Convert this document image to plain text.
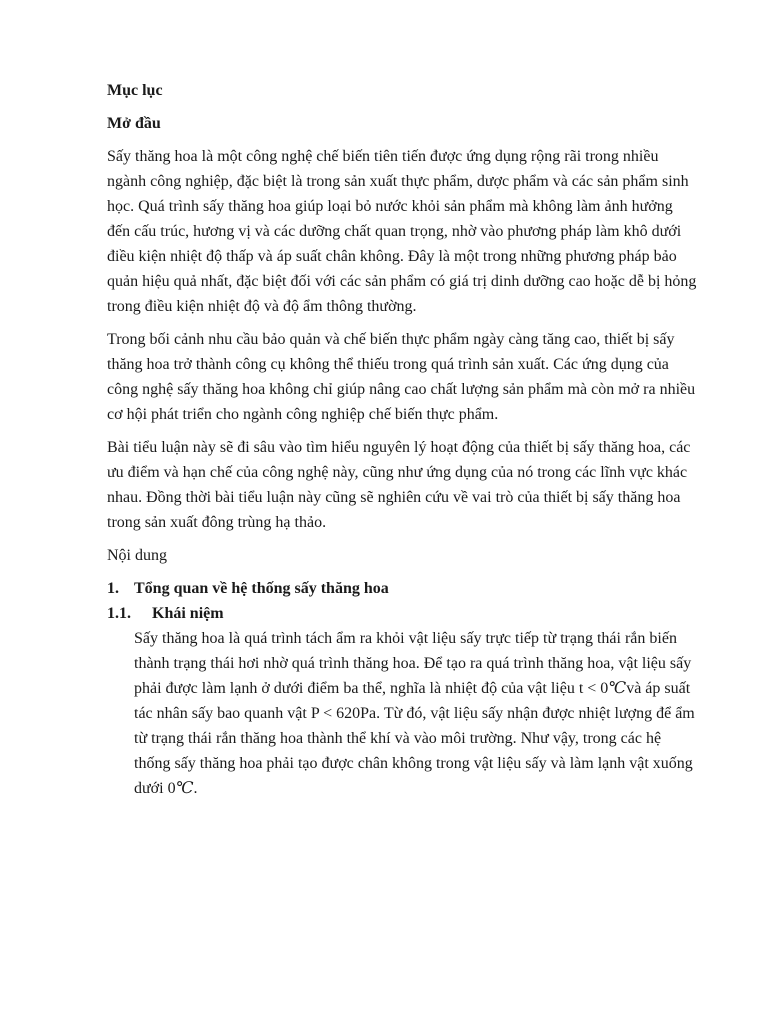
Mục lục

Mở đầu

Sấy thăng hoa là một công nghệ chế biến tiên tiến được ứng dụng rộng rãi trong nhiều ngành công nghiệp, đặc biệt là trong sản xuất thực phẩm, dược phẩm và các sản phẩm sinh học. Quá trình sấy thăng hoa giúp loại bỏ nước khỏi sản phẩm mà không làm ảnh hưởng đến cấu trúc, hương vị và các dưỡng chất quan trọng, nhờ vào phương pháp làm khô dưới điều kiện nhiệt độ thấp và áp suất chân không. Đây là một trong những phương pháp bảo quản hiệu quả nhất, đặc biệt đối với các sản phẩm có giá trị dinh dưỡng cao hoặc dễ bị hỏng trong điều kiện nhiệt độ và độ ẩm thông thường.

Trong bối cảnh nhu cầu bảo quản và chế biến thực phẩm ngày càng tăng cao, thiết bị sấy thăng hoa trở thành công cụ không thể thiếu trong quá trình sản xuất. Các ứng dụng của công nghệ sấy thăng hoa không chỉ giúp nâng cao chất lượng sản phẩm mà còn mở ra nhiều cơ hội phát triển cho ngành công nghiệp chế biến thực phẩm.

Bài tiểu luận này sẽ đi sâu vào tìm hiểu nguyên lý hoạt động của thiết bị sấy thăng hoa, các ưu điểm và hạn chế của công nghệ này, cũng như ứng dụng của nó trong các lĩnh vực khác nhau. Đồng thời bài tiểu luận này cũng sẽ nghiên cứu về vai trò của thiết bị sấy thăng hoa trong sản xuất đông trùng hạ thảo.

Nội dung

1. Tổng quan về hệ thống sấy thăng hoa
1.1.	Khái niệm

Sấy thăng hoa là quá trình tách ẩm ra khỏi vật liệu sấy trực tiếp từ trạng thái rắn biến thành trạng thái hơi nhờ quá trình thăng hoa. Để tạo ra quá trình thăng hoa, vật liệu sấy phải được làm lạnh ở dưới điểm ba thể, nghĩa là nhiệt độ của vật liệu t < 0℃và áp suất tác nhân sấy bao quanh vật P < 620Pa. Từ đó, vật liệu sấy nhận được nhiệt lượng để ẩm từ trạng thái rắn thăng hoa thành thể khí và vào môi trường. Như vậy, trong các hệ thống sấy thăng hoa phải tạo được chân không trong vật liệu sấy và làm lạnh vật xuống dưới 0℃.
